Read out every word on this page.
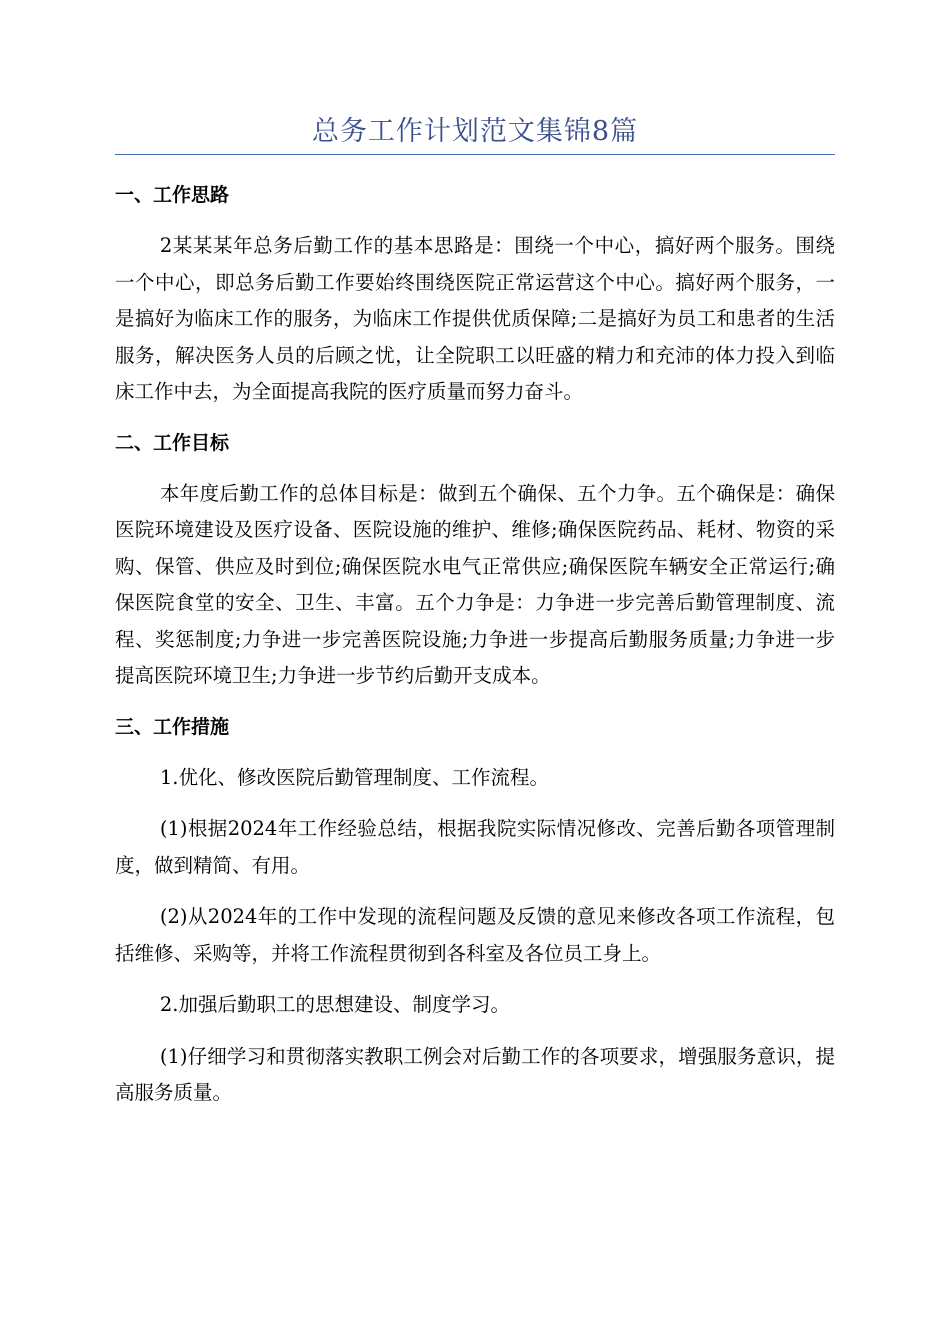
总务工作计划范文集锦8篇
一、工作思路

2某某某年总务后勤工作的基本思路是：围绕一个中心，搞好两个服务。围绕一个中心，即总务后勤工作要始终围绕医院正常运营这个中心。搞好两个服务，一是搞好为临床工作的服务，为临床工作提供优质保障;二是搞好为员工和患者的生活服务，解决医务人员的后顾之忧，让全院职工以旺盛的精力和充沛的体力投入到临床工作中去，为全面提高我院的医疗质量而努力奋斗。

二、工作目标

本年度后勤工作的总体目标是：做到五个确保、五个力争。五个确保是：确保医院环境建设及医疗设备、医院设施的维护、维修;确保医院药品、耗材、物资的采购、保管、供应及时到位;确保医院水电气正常供应;确保医院车辆安全正常运行;确保医院食堂的安全、卫生、丰富。五个力争是：力争进一步完善后勤管理制度、流程、奖惩制度;力争进一步完善医院设施;力争进一步提高后勤服务质量;力争进一步提高医院环境卫生;力争进一步节约后勤开支成本。

三、工作措施

1.优化、修改医院后勤管理制度、工作流程。

(1)根据2024年工作经验总结，根据我院实际情况修改、完善后勤各项管理制度，做到精简、有用。

(2)从2024年的工作中发现的流程问题及反馈的意见来修改各项工作流程，包括维修、采购等，并将工作流程贯彻到各科室及各位员工身上。

2.加强后勤职工的思想建设、制度学习。

(1)仔细学习和贯彻落实教职工例会对后勤工作的各项要求，增强服务意识，提高服务质量。
